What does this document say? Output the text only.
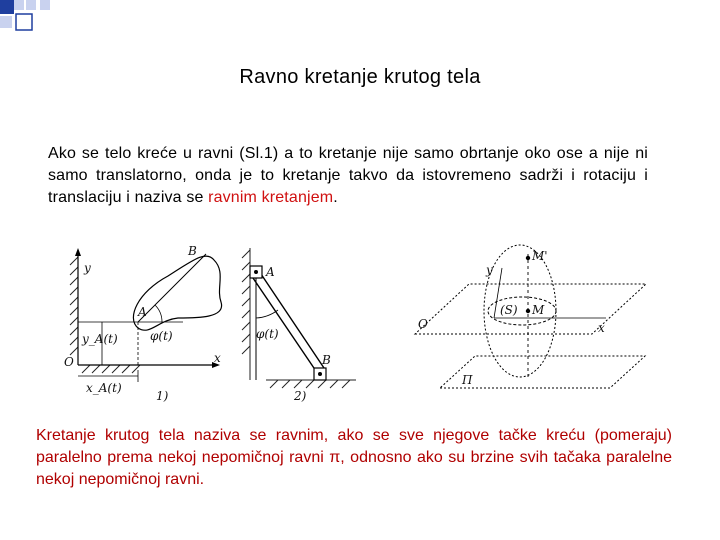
Ravno kretanje krutog tela
Ako se telo kreće u ravni (Sl.1) a to kretanje nije samo obrtanje oko ose a nije ni samo translatorno, onda je to kretanje takvo da istovremeno sadrži i rotaciju i translaciju i naziva se ravnim kretanjem.
y
x
O
A
B
φ(t)
y_A(t)
x_A(t)
1)
A
B
φ(t)
2)
M'
M
(S)
y
O	x
Π
Kretanje krutog tela naziva se ravnim, ako se sve njegove tačke kreću (pomeraju) paralelno prema nekoj nepomičnoj ravni π, odnosno ako su brzine svih tačaka paralelne nekoj nepomičnoj ravni.
